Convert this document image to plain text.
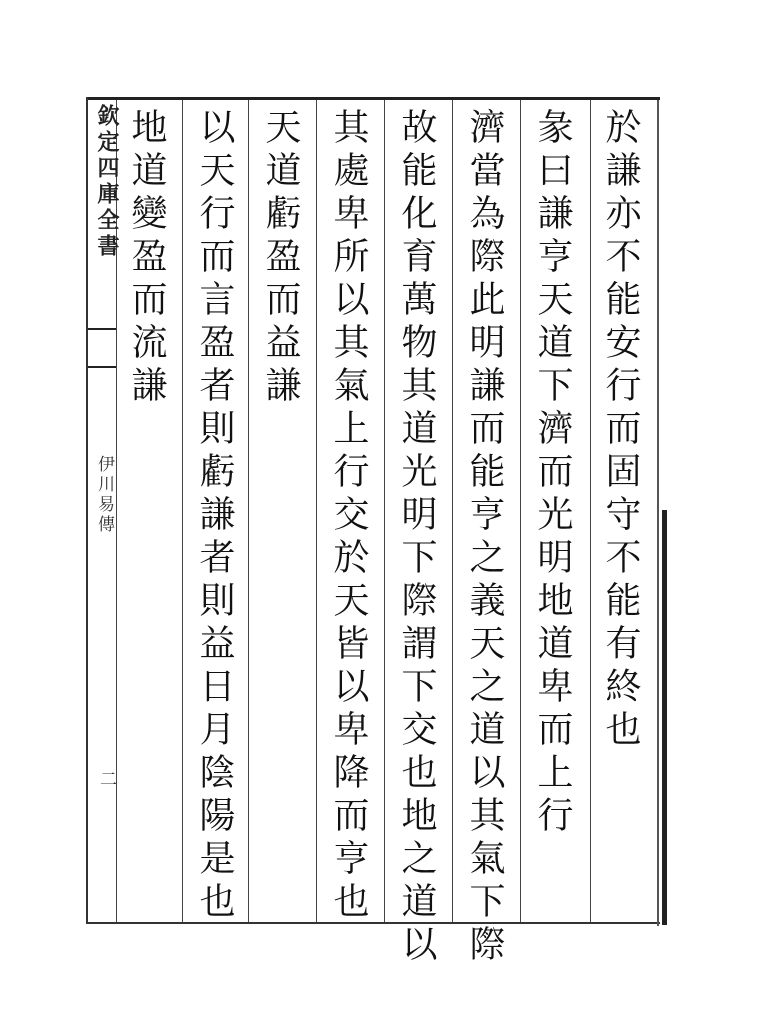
欽定四庫全書
伊川易傳
二
於謙亦不能安行而固守不能有終也
彖曰謙亨天道下濟而光明地道卑而上行
濟當為際此明謙而能亨之義天之道以其氣下際
故能化育萬物其道光明下際謂下交也地之道以
其處卑所以其氣上行交於天皆以卑降而亨也
天道虧盈而益謙
以天行而言盈者則虧謙者則益日月陰陽是也
地道變盈而流謙
